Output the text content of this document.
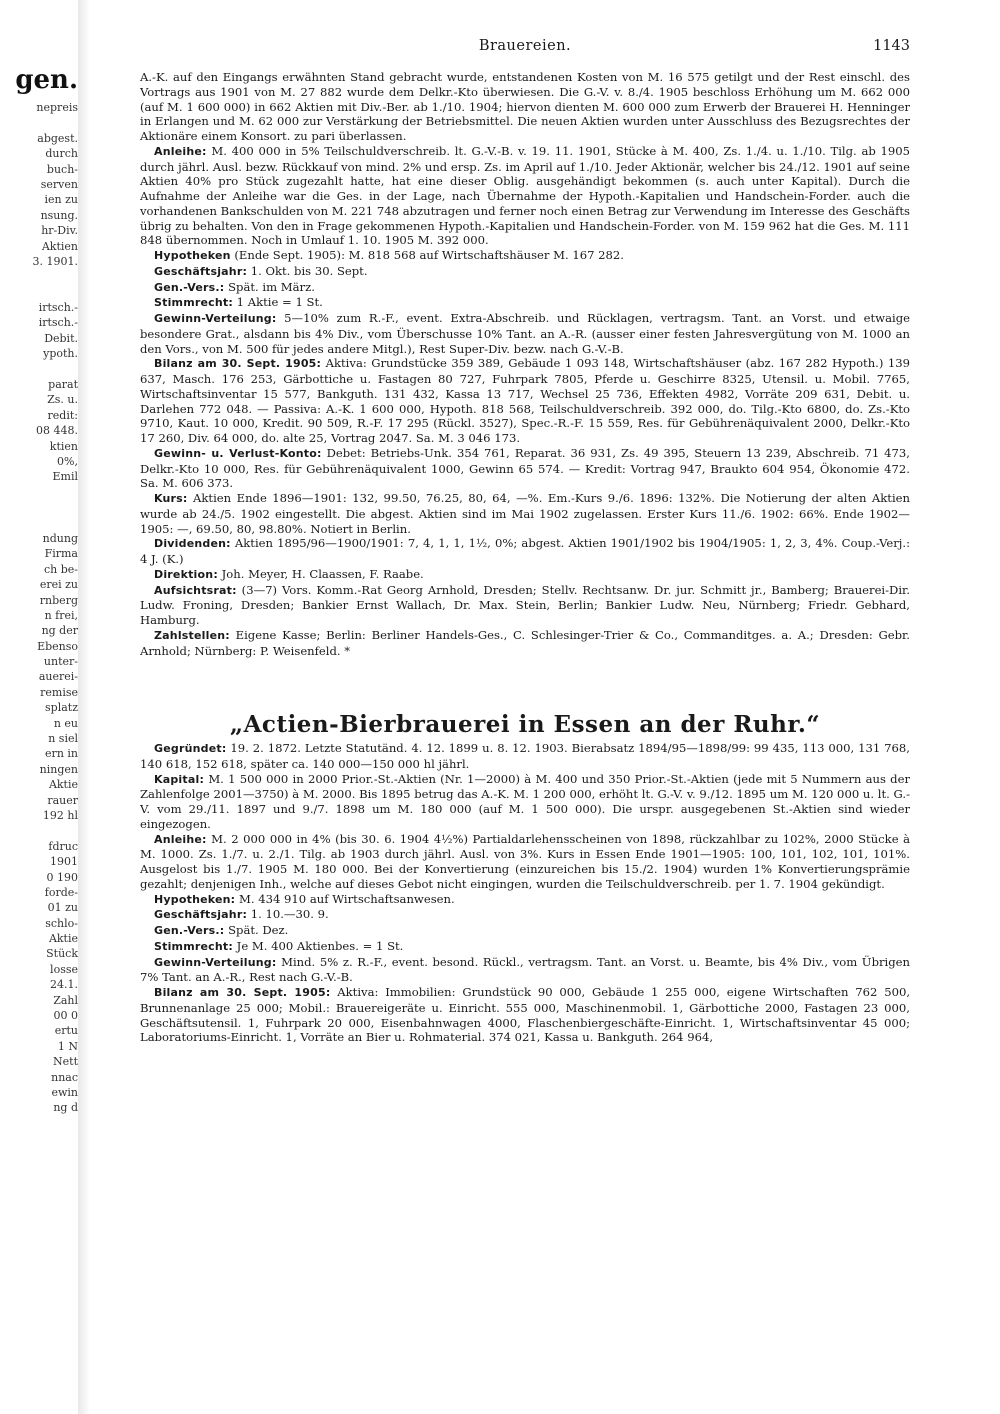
gen.
nepreis
abgest.
durch
buch-
serven
ien zu
nsung.
hr-Div.
Aktien
3. 1901.
irtsch.-
irtsch.-
Debit.
ypoth.
parat
Zs. u.
redit:
08 448.
ktien
0%,
Emil
ndung
Firma
ch be-
erei zu
rnberg
n frei,
ng der
Ebenso
unter-
auerei-
remise
splatz
n eu
n siel
ern in
ningen
Aktie
rauer
192 hl
fdruc
1901
0 190
forde-
01 zu
schlo-
Aktie
Stück
losse
24.1.
Zahl
00 0
ertu
1 N
Nett
nnac
ewin
ng d
Brauereien.	1143

A.-K. auf den Eingangs erwähnten Stand gebracht wurde, entstandenen Kosten von M. 16 575 getilgt und der Rest einschl. des Vortrags aus 1901 von M. 27 882 wurde dem Delkr.-Kto überwiesen. Die G.-V. v. 8./4. 1905 beschloss Erhöhung um M. 662 000 (auf M. 1 600 000) in 662 Aktien mit Div.-Ber. ab 1./10. 1904; hiervon dienten M. 600 000 zum Erwerb der Brauerei H. Henninger in Erlangen und M. 62 000 zur Verstärkung der Betriebsmittel. Die neuen Aktien wurden unter Ausschluss des Bezugsrechtes der Aktionäre einem Konsort. zu pari überlassen.

Anleihe: M. 400 000 in 5% Teilschuldverschreib. lt. G.-V.-B. v. 19. 11. 1901, Stücke à M. 400, Zs. 1./4. u. 1./10. Tilg. ab 1905 durch jährl. Ausl. bezw. Rückkauf von mind. 2% und ersp. Zs. im April auf 1./10. Jeder Aktionär, welcher bis 24./12. 1901 auf seine Aktien 40% pro Stück zugezahlt hatte, hat eine dieser Oblig. ausgehändigt bekommen (s. auch unter Kapital). Durch die Aufnahme der Anleihe war die Ges. in der Lage, nach Übernahme der Hypoth.-Kapitalien und Handschein-Forder. auch die vorhandenen Bankschulden von M. 221 748 abzutragen und ferner noch einen Betrag zur Verwendung im Interesse des Geschäfts übrig zu behalten. Von den in Frage gekommenen Hypoth.-Kapitalien und Handschein-Forder. von M. 159 962 hat die Ges. M. 111 848 übernommen. Noch in Umlauf 1. 10. 1905 M. 392 000.

Hypotheken (Ende Sept. 1905): M. 818 568 auf Wirtschaftshäuser M. 167 282.

Geschäftsjahr: 1. Okt. bis 30. Sept.

Gen.-Vers.: Spät. im März.

Stimmrecht: 1 Aktie = 1 St.

Gewinn-Verteilung: 5—10% zum R.-F., event. Extra-Abschreib. und Rücklagen, vertragsm. Tant. an Vorst. und etwaige besondere Grat., alsdann bis 4% Div., vom Überschusse 10% Tant. an A.-R. (ausser einer festen Jahresvergütung von M. 1000 an den Vors., von M. 500 für jedes andere Mitgl.), Rest Super-Div. bezw. nach G.-V.-B.

Bilanz am 30. Sept. 1905: Aktiva: Grundstücke 359 389, Gebäude 1 093 148, Wirtschaftshäuser (abz. 167 282 Hypoth.) 139 637, Masch. 176 253, Gärbottiche u. Fastagen 80 727, Fuhrpark 7805, Pferde u. Geschirre 8325, Utensil. u. Mobil. 7765, Wirtschaftsinventar 15 577, Bankguth. 131 432, Kassa 13 717, Wechsel 25 736, Effekten 4982, Vorräte 209 631, Debit. u. Darlehen 772 048. — Passiva: A.-K. 1 600 000, Hypoth. 818 568, Teilschuldverschreib. 392 000, do. Tilg.-Kto 6800, do. Zs.-Kto 9710, Kaut. 10 000, Kredit. 90 509, R.-F. 17 295 (Rückl. 3527), Spec.-R.-F. 15 559, Res. für Gebührenäquivalent 2000, Delkr.-Kto 17 260, Div. 64 000, do. alte 25, Vortrag 2047. Sa. M. 3 046 173.

Gewinn- u. Verlust-Konto: Debet: Betriebs-Unk. 354 761, Reparat. 36 931, Zs. 49 395, Steuern 13 239, Abschreib. 71 473, Delkr.-Kto 10 000, Res. für Gebührenäquivalent 1000, Gewinn 65 574. — Kredit: Vortrag 947, Braukto 604 954, Ökonomie 472. Sa. M. 606 373.

Kurs: Aktien Ende 1896—1901: 132, 99.50, 76.25, 80, 64, —%. Em.-Kurs 9./6. 1896: 132%. Die Notierung der alten Aktien wurde ab 24./5. 1902 eingestellt. Die abgest. Aktien sind im Mai 1902 zugelassen. Erster Kurs 11./6. 1902: 66%. Ende 1902—1905: —, 69.50, 80, 98.80%. Notiert in Berlin.

Dividenden: Aktien 1895/96—1900/1901: 7, 4, 1, 1, 1½, 0%; abgest. Aktien 1901/1902 bis 1904/1905: 1, 2, 3, 4%. Coup.-Verj.: 4 J. (K.)

Direktion: Joh. Meyer, H. Claassen, F. Raabe.

Aufsichtsrat: (3—7) Vors. Komm.-Rat Georg Arnhold, Dresden; Stellv. Rechtsanw. Dr. jur. Schmitt jr., Bamberg; Brauerei-Dir. Ludw. Froning, Dresden; Bankier Ernst Wallach, Dr. Max. Stein, Berlin; Bankier Ludw. Neu, Nürnberg; Friedr. Gebhard, Hamburg.

Zahlstellen: Eigene Kasse; Berlin: Berliner Handels-Ges., C. Schlesinger-Trier & Co., Commanditges. a. A.; Dresden: Gebr. Arnhold; Nürnberg: P. Weisenfeld. *

„Actien-Bierbrauerei in Essen an der Ruhr.“

Gegründet: 19. 2. 1872. Letzte Statutänd. 4. 12. 1899 u. 8. 12. 1903. Bierabsatz 1894/95—1898/99: 99 435, 113 000, 131 768, 140 618, 152 618, später ca. 140 000—150 000 hl jährl.

Kapital: M. 1 500 000 in 2000 Prior.-St.-Aktien (Nr. 1—2000) à M. 400 und 350 Prior.-St.-Aktien (jede mit 5 Nummern aus der Zahlenfolge 2001—3750) à M. 2000. Bis 1895 betrug das A.-K. M. 1 200 000, erhöht lt. G.-V. v. 9./12. 1895 um M. 120 000 u. lt. G.-V. vom 29./11. 1897 und 9./7. 1898 um M. 180 000 (auf M. 1 500 000). Die urspr. ausgegebenen St.-Aktien sind wieder eingezogen.

Anleihe: M. 2 000 000 in 4% (bis 30. 6. 1904 4½%) Partialdarlehensscheinen von 1898, rückzahlbar zu 102%, 2000 Stücke à M. 1000. Zs. 1./7. u. 2./1. Tilg. ab 1903 durch jährl. Ausl. von 3%. Kurs in Essen Ende 1901—1905: 100, 101, 102, 101, 101%. Ausgelost bis 1./7. 1905 M. 180 000. Bei der Konvertierung (einzureichen bis 15./2. 1904) wurden 1% Konvertierungsprämie gezahlt; denjenigen Inh., welche auf dieses Gebot nicht eingingen, wurden die Teilschuldverschreib. per 1. 7. 1904 gekündigt.

Hypotheken: M. 434 910 auf Wirtschaftsanwesen.

Geschäftsjahr: 1. 10.—30. 9.

Gen.-Vers.: Spät. Dez.

Stimmrecht: Je M. 400 Aktienbes. = 1 St.

Gewinn-Verteilung: Mind. 5% z. R.-F., event. besond. Rückl., vertragsm. Tant. an Vorst. u. Beamte, bis 4% Div., vom Übrigen 7% Tant. an A.-R., Rest nach G.-V.-B.

Bilanz am 30. Sept. 1905: Aktiva: Immobilien: Grundstück 90 000, Gebäude 1 255 000, eigene Wirtschaften 762 500, Brunnenanlage 25 000; Mobil.: Brauereigeräte u. Einricht. 555 000, Maschinenmobil. 1, Gärbottiche 2000, Fastagen 23 000, Geschäftsutensil. 1, Fuhrpark 20 000, Eisenbahnwagen 4000, Flaschenbiergeschäfte-Einricht. 1, Wirtschaftsinventar 45 000; Laboratoriums-Einricht. 1, Vorräte an Bier u. Rohmaterial. 374 021, Kassa u. Bankguth. 264 964,
